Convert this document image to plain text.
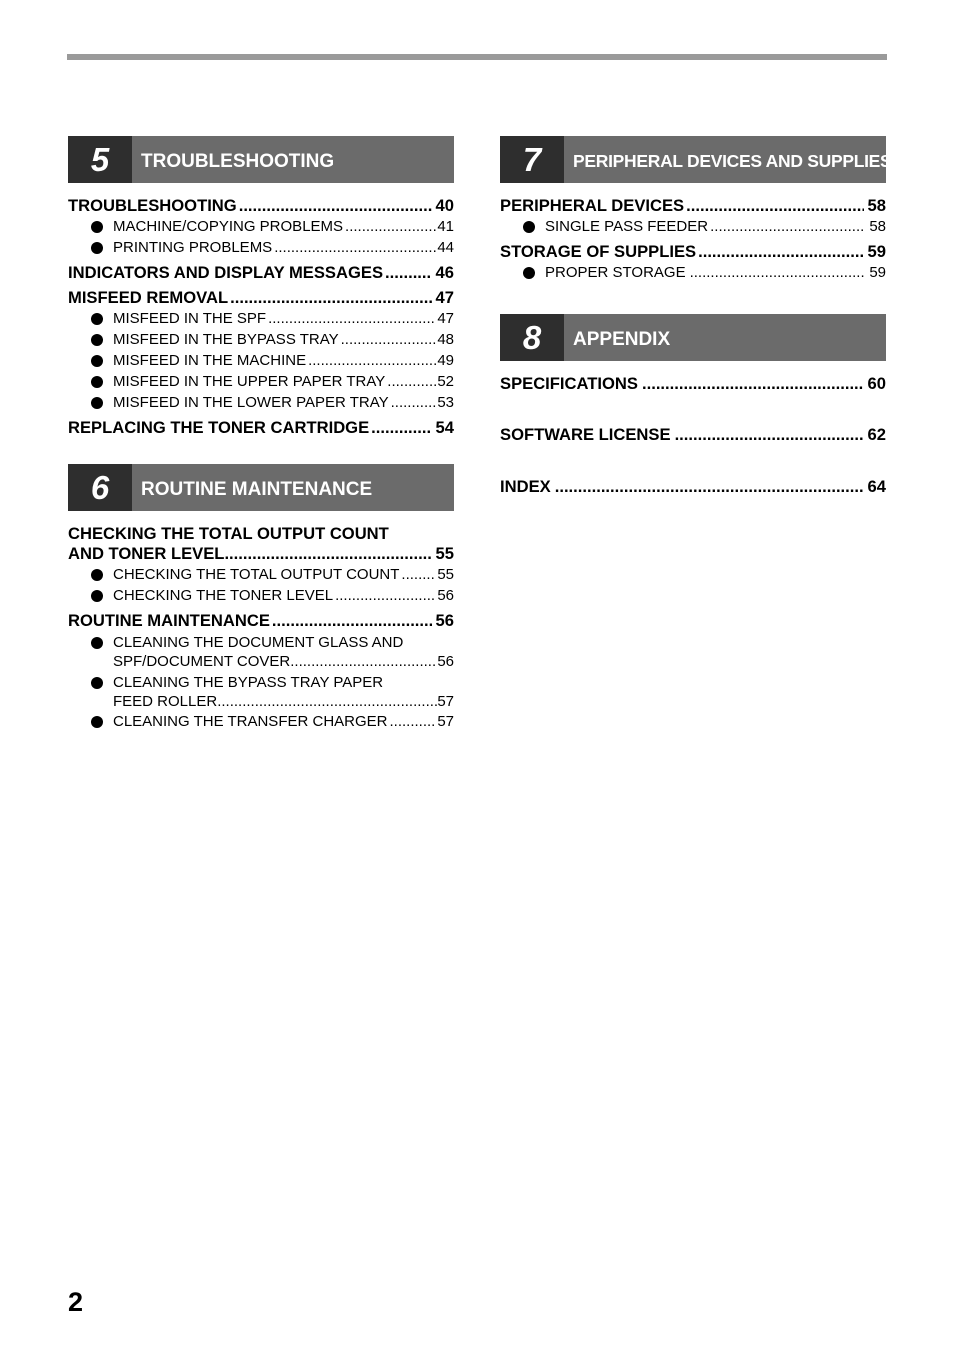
5	TROUBLESHOOTING
TROUBLESHOOTING .....	40
MACHINE/COPYING PROBLEMS .....	41
PRINTING PROBLEMS .....	44
INDICATORS AND DISPLAY MESSAGES .....	46
MISFEED REMOVAL .....	47
MISFEED IN THE SPF .....	47
MISFEED IN THE BYPASS TRAY .....	48
MISFEED IN THE MACHINE .....	49
MISFEED IN THE UPPER PAPER TRAY .....	52
MISFEED IN THE LOWER PAPER TRAY .....	53
REPLACING THE TONER CARTRIDGE .....	54
6	ROUTINE MAINTENANCE
CHECKING THE TOTAL OUTPUT COUNT
AND TONER LEVEL .....	55
CHECKING THE TOTAL OUTPUT COUNT .....	55
CHECKING THE TONER LEVEL .....	56
ROUTINE MAINTENANCE .....	56
CLEANING THE DOCUMENT GLASS AND
SPF/DOCUMENT COVER .....	56
CLEANING THE BYPASS TRAY PAPER
FEED ROLLER .....	57
CLEANING THE TRANSFER CHARGER .....	57
7	PERIPHERAL DEVICES AND SUPPLIES
PERIPHERAL DEVICES .....	58
SINGLE PASS FEEDER .....	58
STORAGE OF SUPPLIES .....	59
PROPER STORAGE .....	59
8	APPENDIX
SPECIFICATIONS .....	60
SOFTWARE LICENSE .....	62
INDEX .....	64
2
